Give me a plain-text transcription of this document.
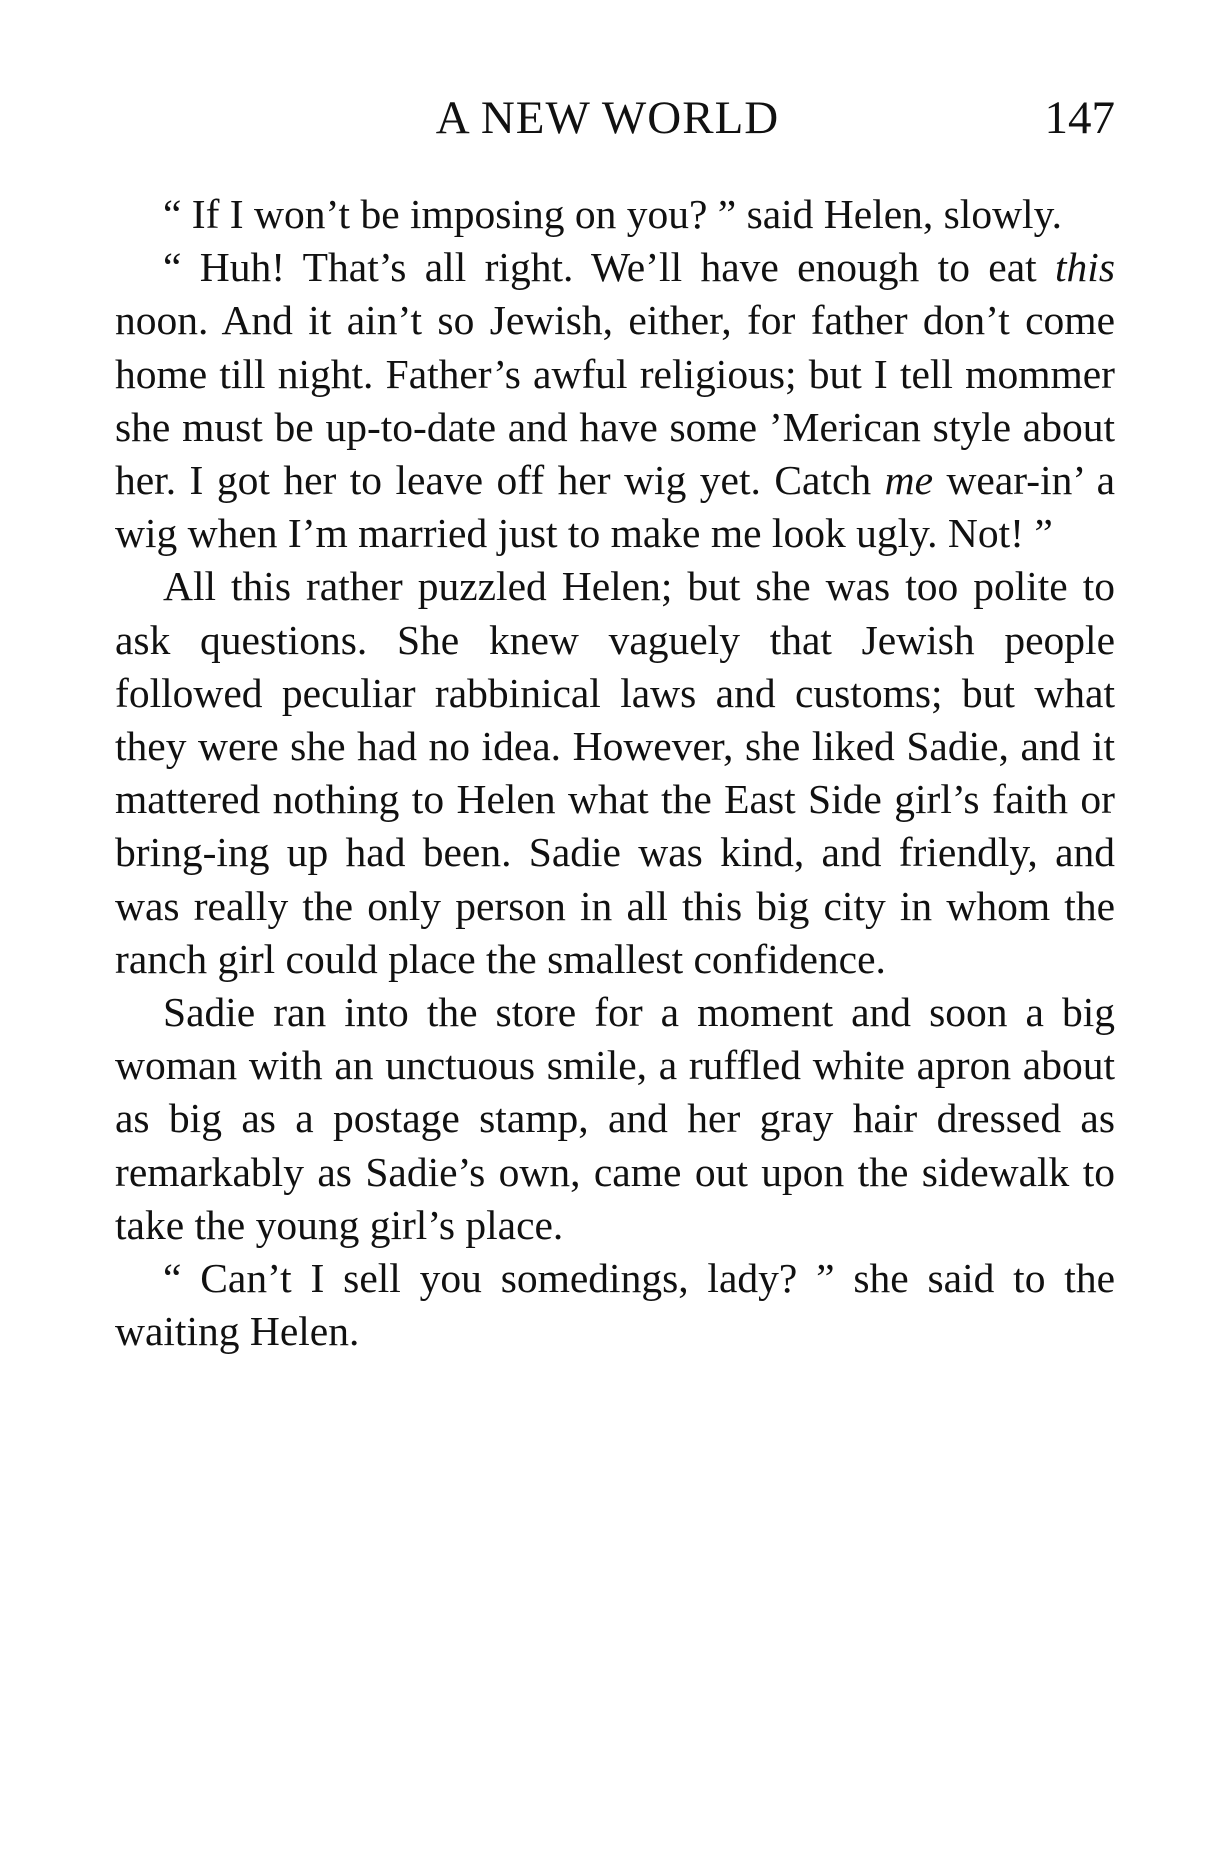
A NEW WORLD	147

“ If I won’t be imposing on you? ” said Helen, slowly.

“ Huh! That’s all right. We’ll have enough to eat this noon. And it ain’t so Jewish, either, for father don’t come home till night. Father’s awful religious; but I tell mommer she must be up-to-date and have some ’Merican style about her. I got her to leave off her wig yet. Catch me wear-in’ a wig when I’m married just to make me look ugly. Not! ”

All this rather puzzled Helen; but she was too polite to ask questions. She knew vaguely that Jewish people followed peculiar rabbinical laws and customs; but what they were she had no idea. However, she liked Sadie, and it mattered nothing to Helen what the East Side girl’s faith or bring-ing up had been. Sadie was kind, and friendly, and was really the only person in all this big city in whom the ranch girl could place the smallest confidence.

Sadie ran into the store for a moment and soon a big woman with an unctuous smile, a ruffled white apron about as big as a postage stamp, and her gray hair dressed as remarkably as Sadie’s own, came out upon the sidewalk to take the young girl’s place.

“ Can’t I sell you somedings, lady? ” she said to the waiting Helen.
